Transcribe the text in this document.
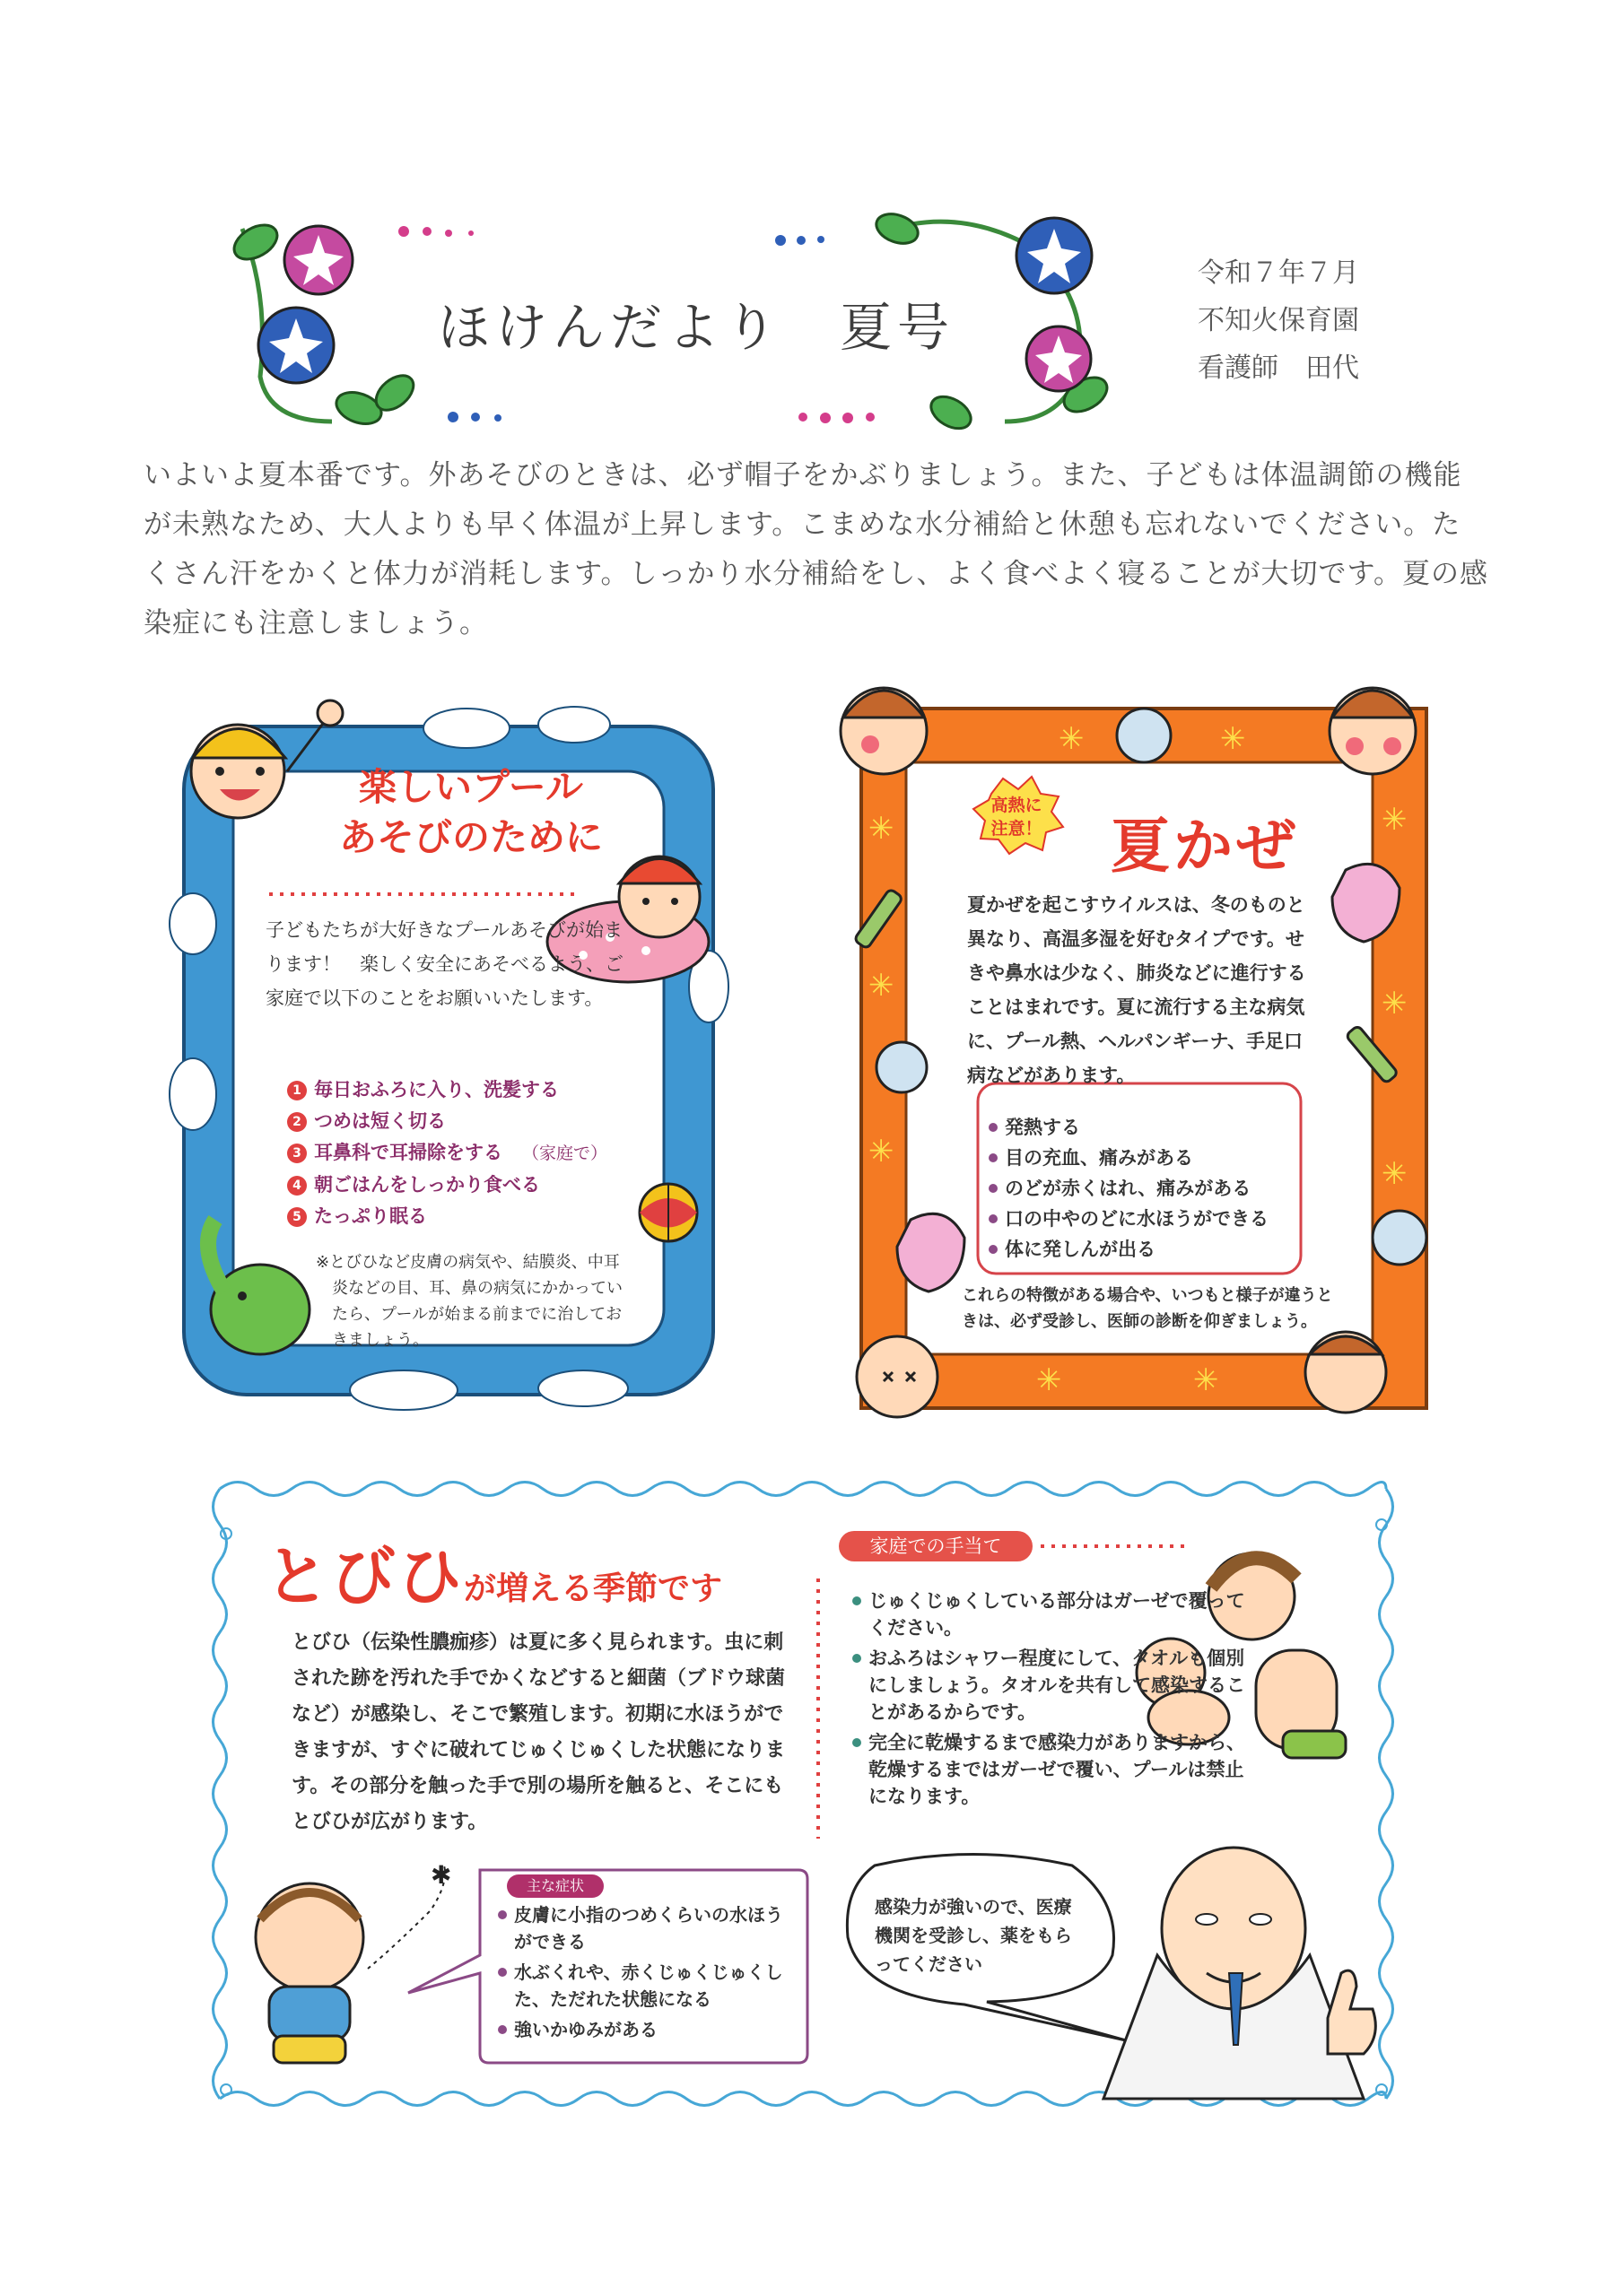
✳	✳
✳
✳
✳
✳
✳
✳
✳	✳
✱
ほけんだより　夏号
令和７年７月
不知火保育園
看護師　田代
いよいよ夏本番です。外あそびのときは、必ず帽子をかぶりましょう。また、子どもは体温調節の機能が未熟なため、大人よりも早く体温が上昇します。こまめな水分補給と休憩も忘れないでください。たくさん汗をかくと体力が消耗します。しっかり水分補給をし、よく食べよく寝ることが大切です。夏の感染症にも注意しましょう。
楽しいプール
あそびのために
子どもたちが大好きなプールあそびが始まります！　楽しく安全にあそべるよう、ご家庭で以下のことをお願いいたします。
1 毎日おふろに入り、洗髪する
2 つめは短く切る
3 耳鼻科で耳掃除をする （家庭で）
4 朝ごはんをしっかり食べる
5 たっぷり眠る
※とびひなど皮膚の病気や、結膜炎、中耳炎などの目、耳、鼻の病気にかかっていたら、プールが始まる前までに治しておきましょう。
高熱に
注意！ 夏かぜ
夏かぜを起こすウイルスは、冬のものと異なり、高温多湿を好むタイプです。せきや鼻水は少なく、肺炎などに進行することはまれです。夏に流行する主な病気に、プール熱、ヘルパンギーナ、手足口病などがあります。
発熱する
目の充血、痛みがある
のどが赤くはれ、痛みがある
口の中やのどに水ほうができる
体に発しんが出る
これらの特徴がある場合や、いつもと様子が違うときは、必ず受診し、医師の診断を仰ぎましょう。
とびひが増える季節です
とびひ（伝染性膿痂疹）は夏に多く見られます。虫に刺された跡を汚れた手でかくなどすると細菌（ブドウ球菌など）が感染し、そこで繁殖します。初期に水ほうができますが、すぐに破れてじゅくじゅくした状態になります。その部分を触った手で別の場所を触ると、そこにもとびひが広がります。
家庭での手当て
じゅくじゅくしている部分はガーゼで覆ってください。
おふろはシャワー程度にして、タオルも個別にしましょう。タオルを共有して感染することがあるからです。
完全に乾燥するまで感染力がありますから、乾燥するまではガーゼで覆い、プールは禁止になります。
主な症状
皮膚に小指のつめくらいの水ほうができる
水ぶくれや、赤くじゅくじゅくした、ただれた状態になる
強いかゆみがある
感染力が強いので、医療機関を受診し、薬をもらってください
